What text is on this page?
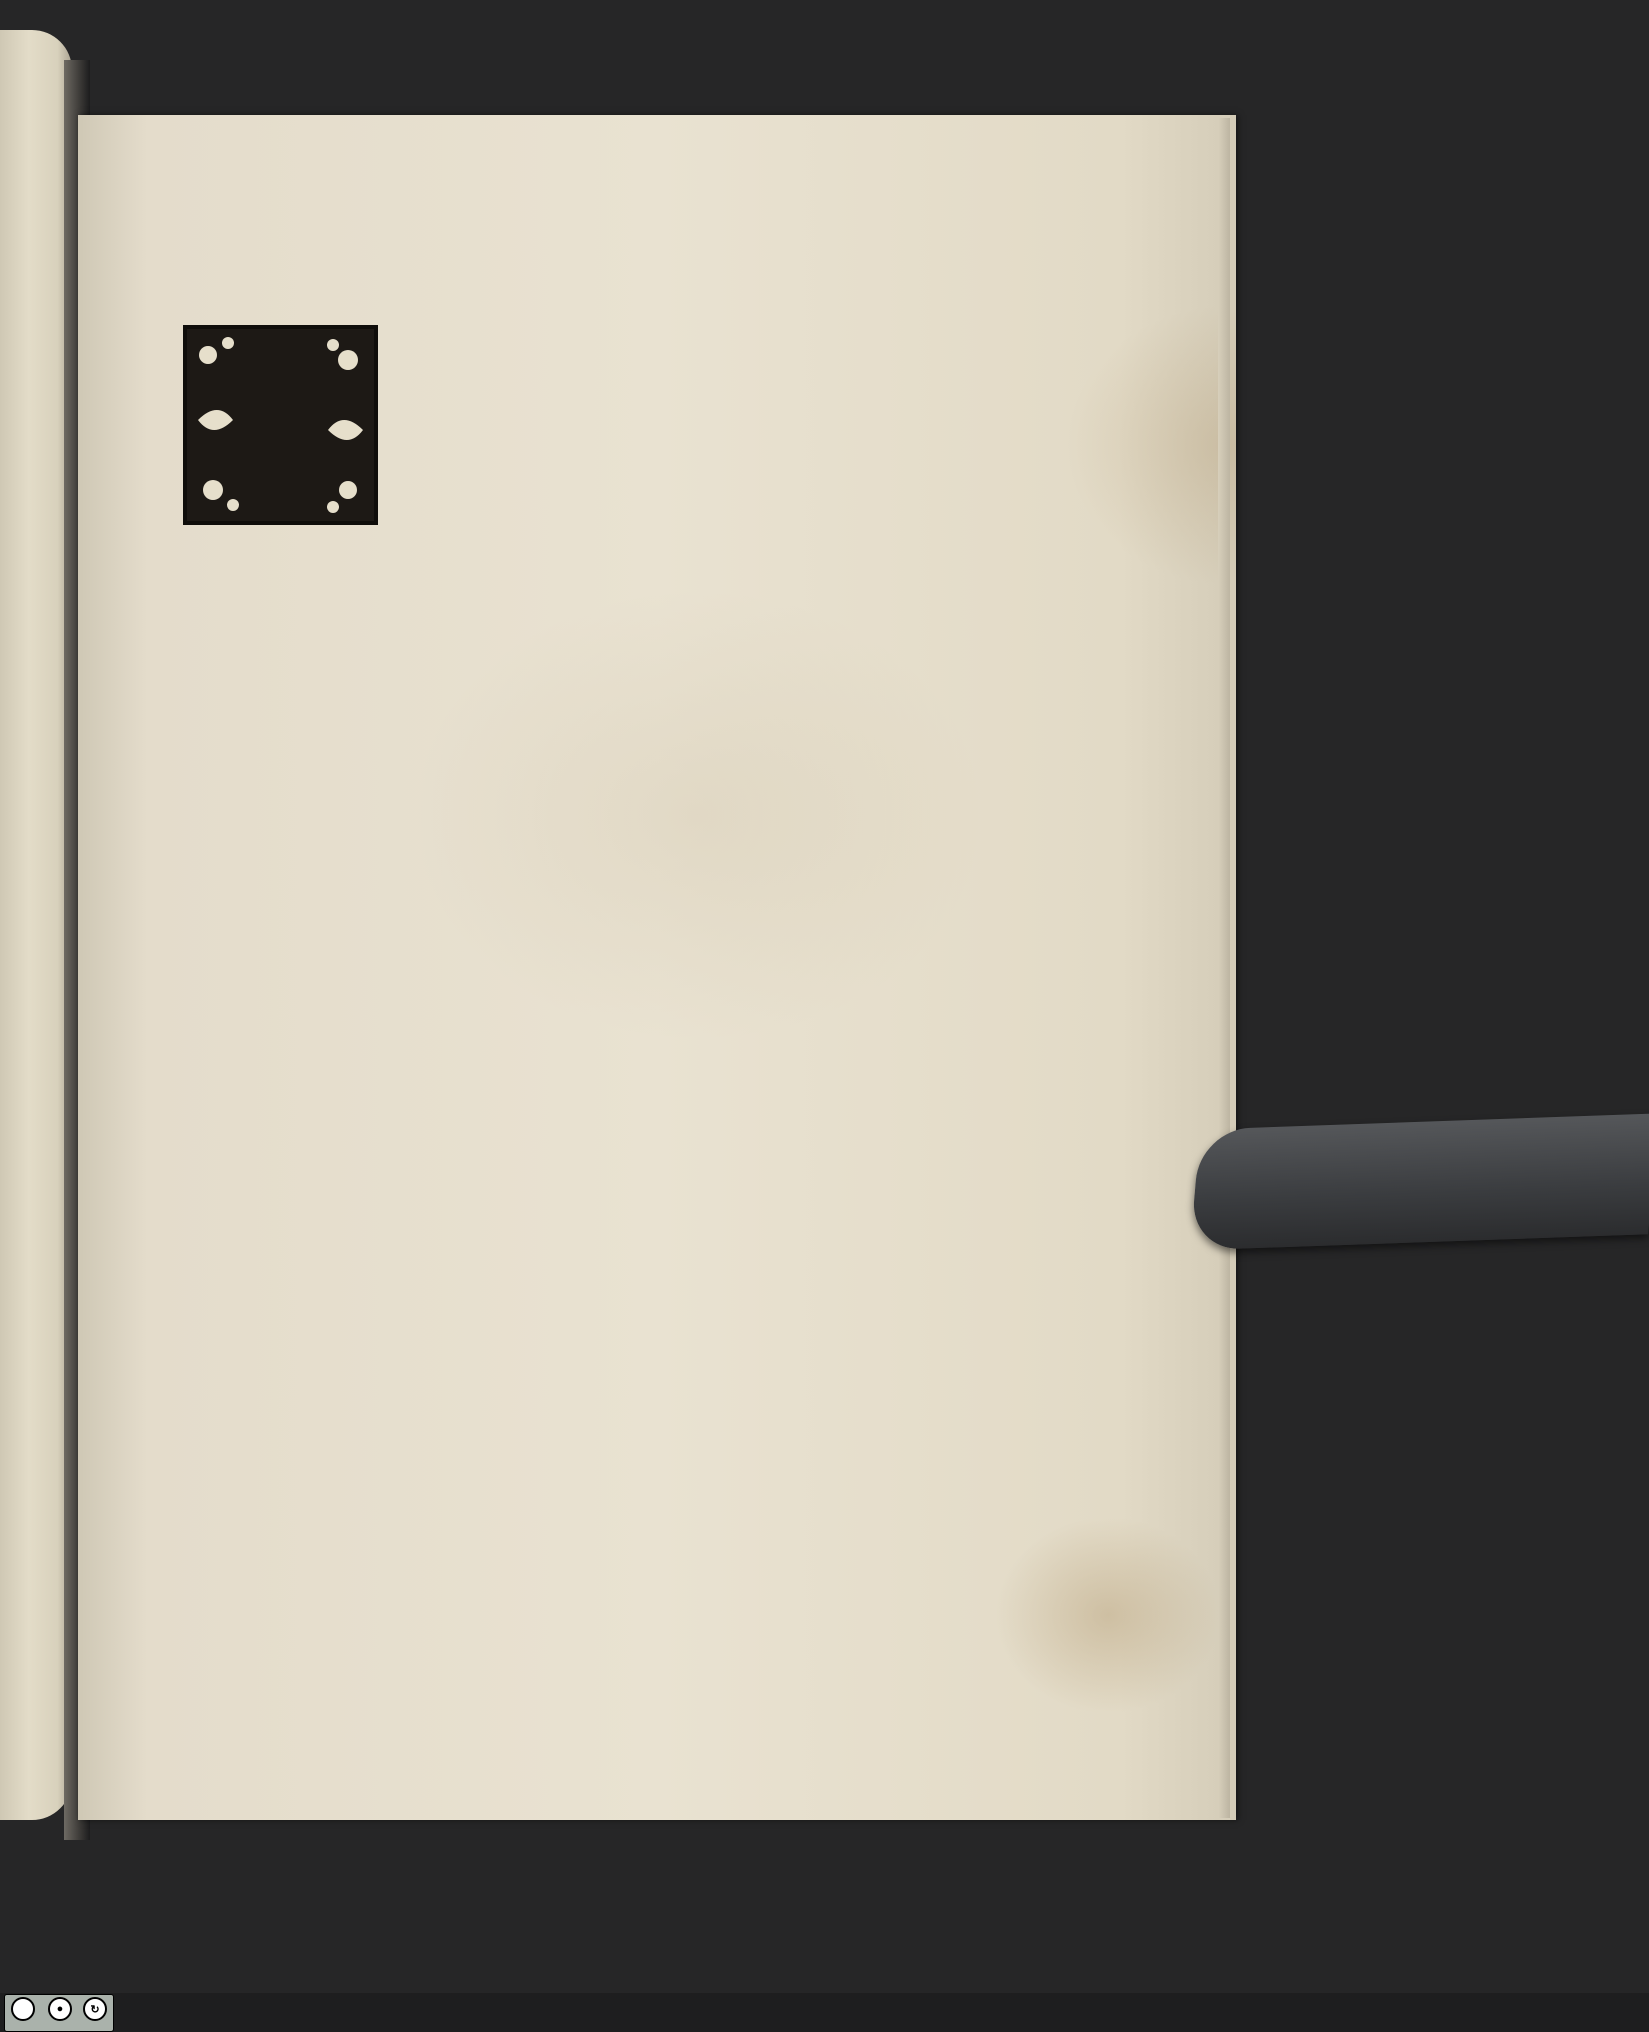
●	↻
